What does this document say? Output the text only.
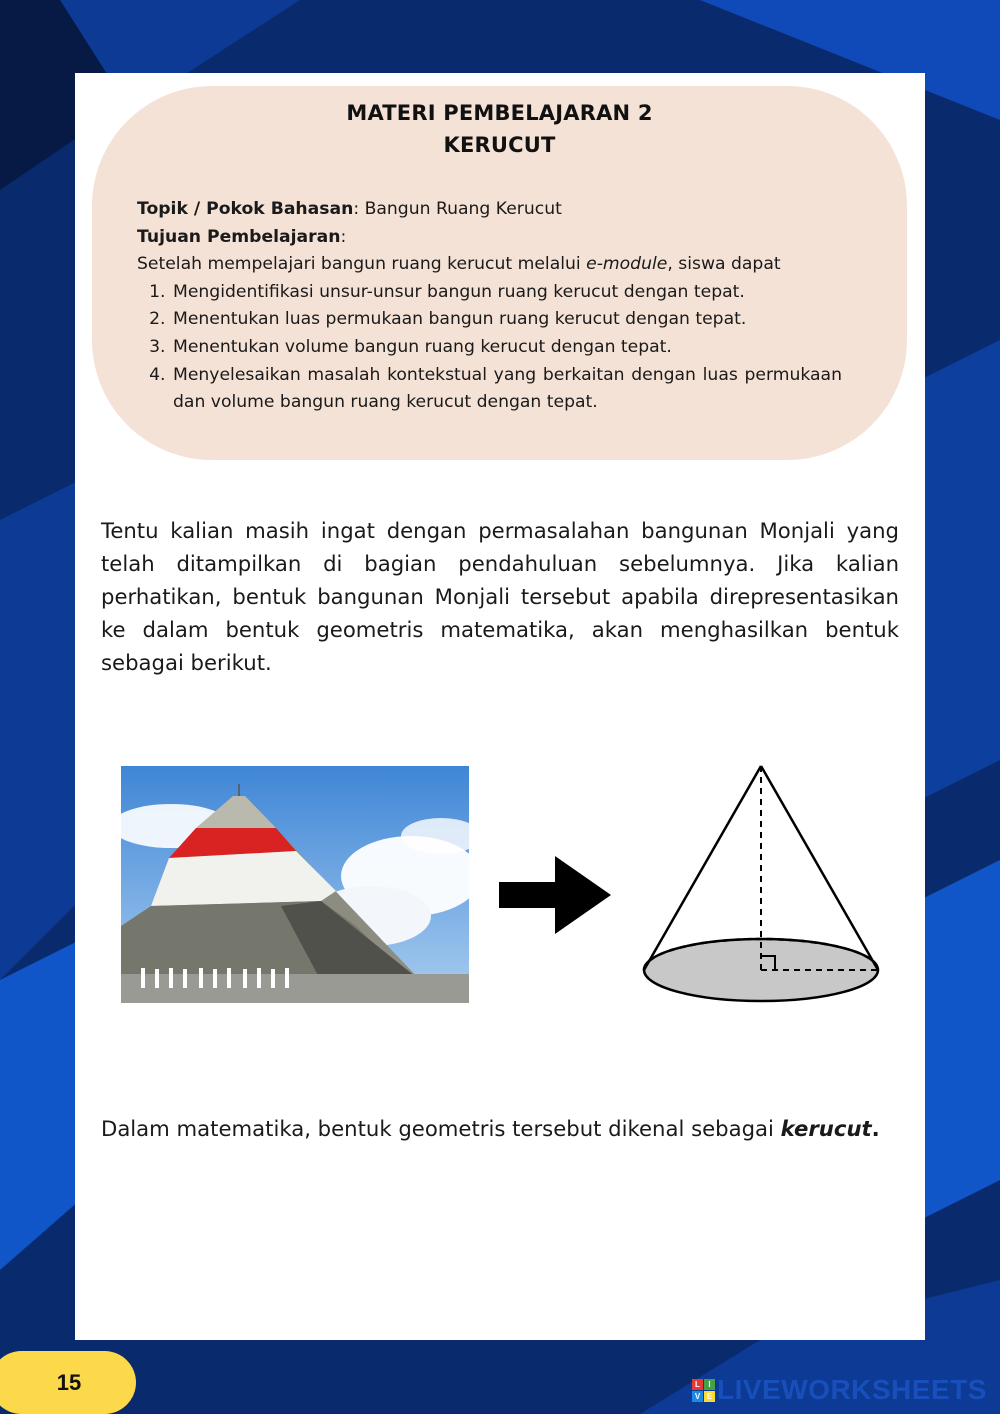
MATERI PEMBELAJARAN 2
KERUCUT
Topik / Pokok Bahasan: Bangun Ruang Kerucut
Tujuan Pembelajaran:
Setelah mempelajari bangun ruang kerucut melalui e-module, siswa dapat
1. Mengidentifikasi unsur-unsur bangun ruang kerucut dengan tepat.
2. Menentukan luas permukaan bangun ruang kerucut dengan tepat.
3. Menentukan volume bangun ruang kerucut dengan tepat.
4. Menyelesaikan masalah kontekstual yang berkaitan dengan luas permukaan dan volume bangun ruang kerucut dengan tepat.
Tentu kalian masih ingat dengan permasalahan bangunan Monjali yang telah ditampilkan di bagian pendahuluan sebelumnya. Jika kalian perhatikan, bentuk bangunan Monjali tersebut apabila direpresentasikan ke dalam bentuk geometris matematika, akan menghasilkan bentuk sebagai berikut.
Dalam matematika, bentuk geometris tersebut dikenal sebagai kerucut.
15	L	I
V E LIVEWORKSHEETS
